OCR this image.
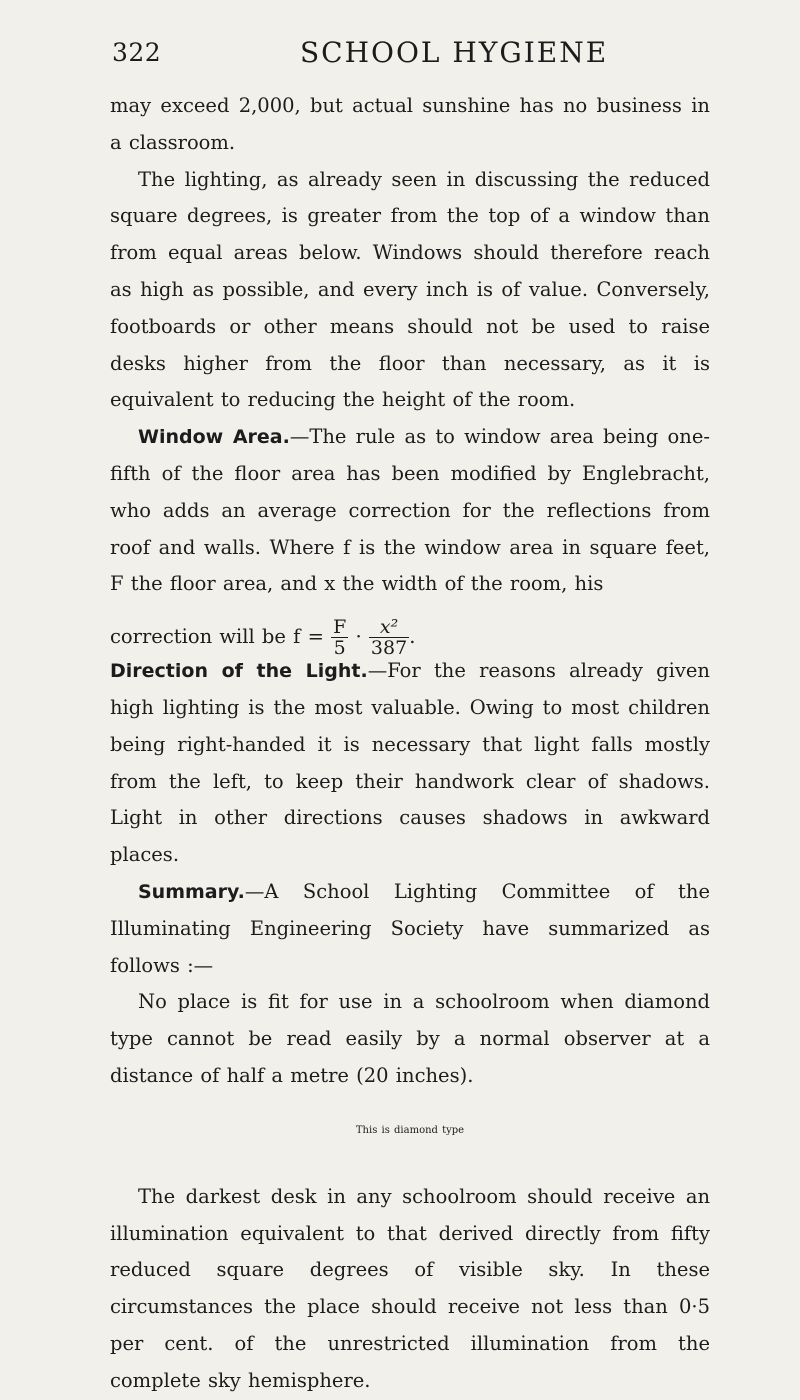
322	SCHOOL HYGIENE

may exceed 2,000, but actual sunshine has no business in a classroom.

The lighting, as already seen in discussing the reduced square degrees, is greater from the top of a window than from equal areas below. Windows should therefore reach as high as possible, and every inch is of value. Conversely, footboards or other means should not be used to raise desks higher from the floor than necessary, as it is equivalent to reducing the height of the room.

Window Area.—The rule as to window area being one-fifth of the floor area has been modified by Englebracht, who adds an average correction for the reflections from roof and walls. Where f is the window area in square feet, F the floor area, and x the width of the room, his

correction will be $f = \frac{F}{5} \cdot \frac{\text{x²}}{387}$ .

Direction of the Light.—For the reasons already given high lighting is the most valuable. Owing to most children being right-handed it is necessary that light falls mostly from the left, to keep their handwork clear of shadows. Light in other directions causes shadows in awkward places.

Summary.—A School Lighting Committee of the Illuminating Engineering Society have summarized as follows :—

No place is fit for use in a schoolroom when diamond type cannot be read easily by a normal observer at a distance of half a metre (20 inches).

This is diamond type

The darkest desk in any schoolroom should receive an illumination equivalent to that derived directly from fifty reduced square degrees of visible sky. In these circumstances the place should receive not less than 0·5 per cent. of the unrestricted illumination from the complete sky hemisphere.
